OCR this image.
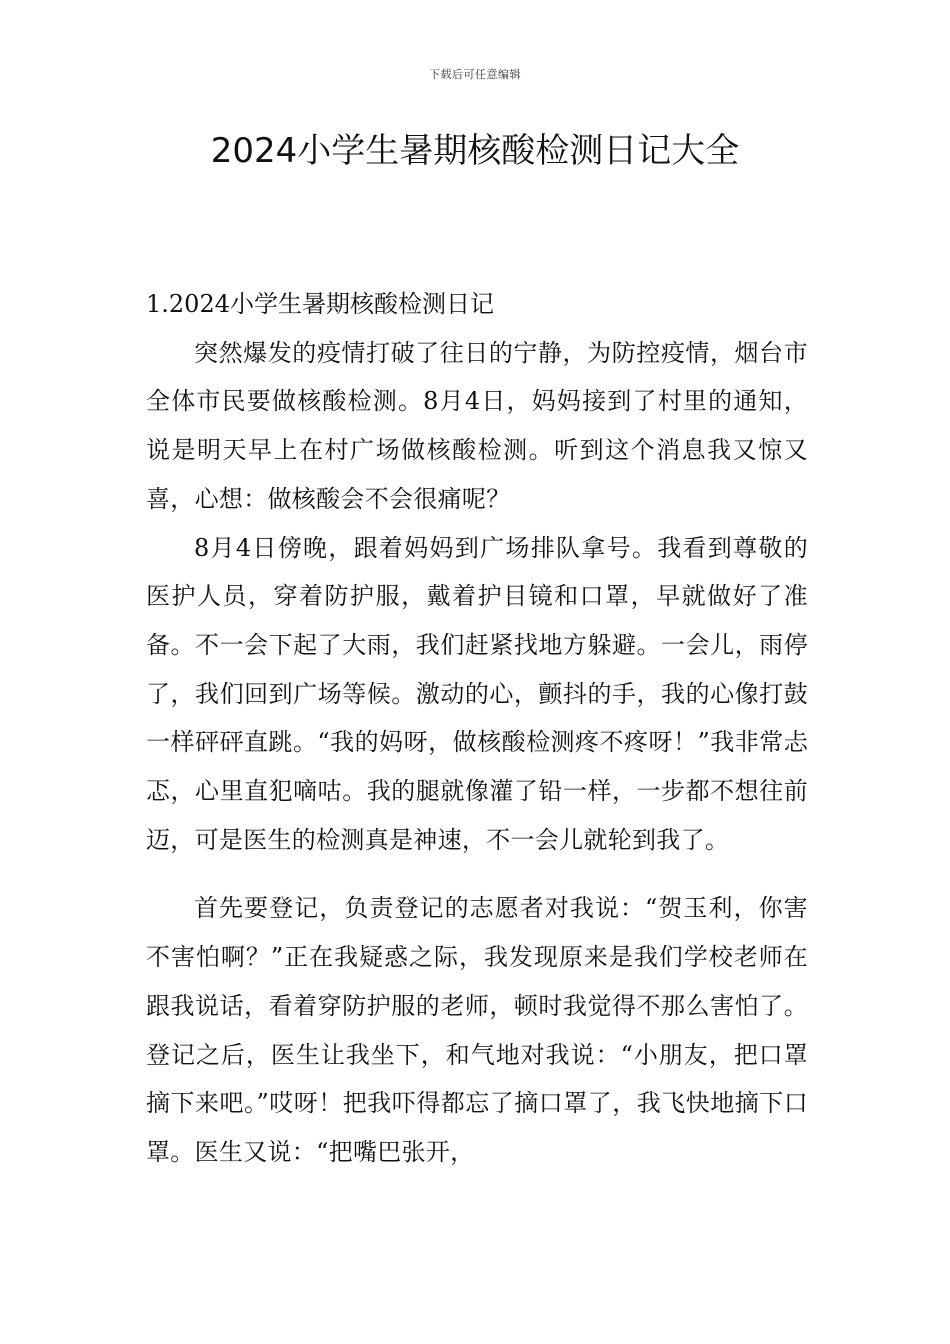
下载后可任意编辑
2024小学生暑期核酸检测日记大全
1.2024小学生暑期核酸检测日记

突然爆发的疫情打破了往日的宁静，为防控疫情，烟台市全体市民要做核酸检测。8月4日，妈妈接到了村里的通知，说是明天早上在村广场做核酸检测。听到这个消息我又惊又喜，心想：做核酸会不会很痛呢？

8月4日傍晚，跟着妈妈到广场排队拿号。我看到尊敬的医护人员，穿着防护服，戴着护目镜和口罩，早就做好了准备。不一会下起了大雨，我们赶紧找地方躲避。一会儿，雨停了，我们回到广场等候。激动的心，颤抖的手，我的心像打鼓一样砰砰直跳。“我的妈呀，做核酸检测疼不疼呀！”我非常忐忑，心里直犯嘀咕。我的腿就像灌了铅一样，一步都不想往前迈，可是医生的检测真是神速，不一会儿就轮到我了。

首先要登记，负责登记的志愿者对我说：“贺玉利，你害不害怕啊？”正在我疑惑之际，我发现原来是我们学校老师在跟我说话，看着穿防护服的老师，顿时我觉得不那么害怕了。登记之后，医生让我坐下，和气地对我说：“小朋友，把口罩摘下来吧。”哎呀！把我吓得都忘了摘口罩了，我飞快地摘下口罩。医生又说：“把嘴巴张开，
